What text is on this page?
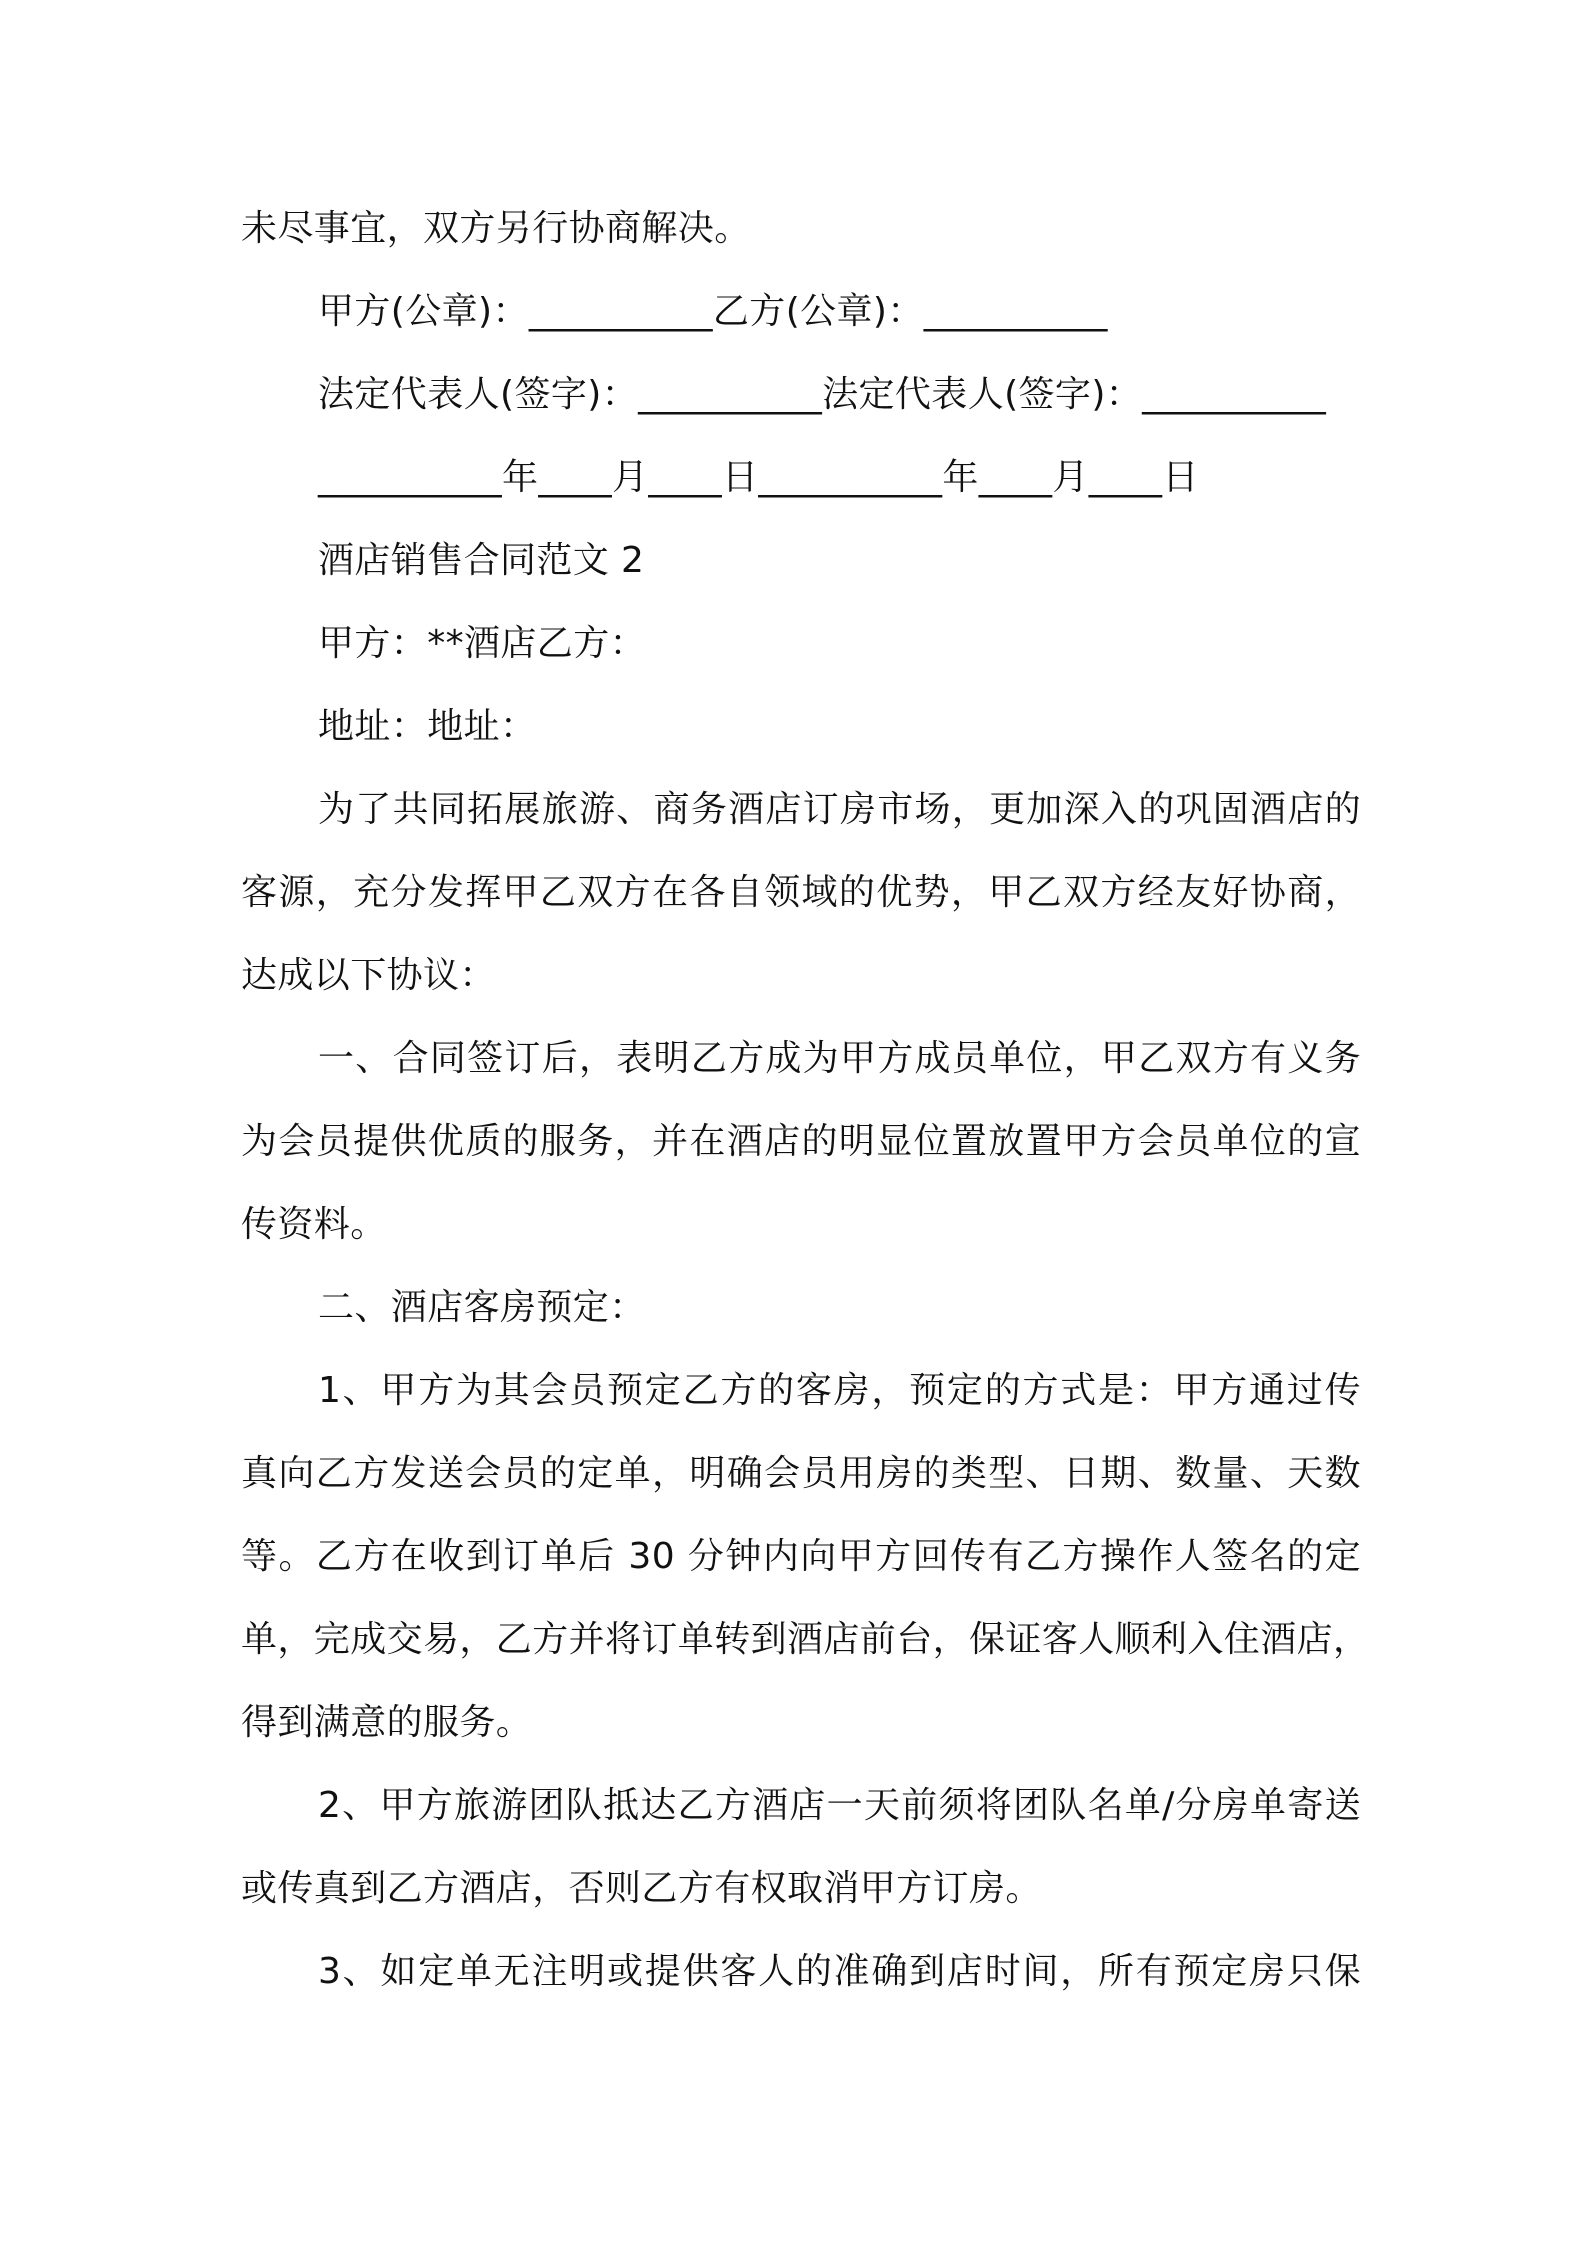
未尽事宜，双方另行协商解决。
甲方(公章)：__________乙方(公章)：__________
法定代表人(签字)：__________法定代表人(签字)：__________
__________年____月____日__________年____月____日
酒店销售合同范文 2
甲方：**酒店乙方：
地址：地址：
为了共同拓展旅游、商务酒店订房市场，更加深入的巩固酒店的
客源，充分发挥甲乙双方在各自领域的优势，甲乙双方经友好协商，
达成以下协议：
一、合同签订后，表明乙方成为甲方成员单位，甲乙双方有义务
为会员提供优质的服务，并在酒店的明显位置放置甲方会员单位的宣
传资料。
二、酒店客房预定：
1、甲方为其会员预定乙方的客房，预定的方式是：甲方通过传
真向乙方发送会员的定单，明确会员用房的类型、日期、数量、天数
等。乙方在收到订单后 30 分钟内向甲方回传有乙方操作人签名的定
单，完成交易，乙方并将订单转到酒店前台，保证客人顺利入住酒店，
得到满意的服务。
2、甲方旅游团队抵达乙方酒店一天前须将团队名单/分房单寄送
或传真到乙方酒店，否则乙方有权取消甲方订房。
3、如定单无注明或提供客人的准确到店时间，所有预定房只保
